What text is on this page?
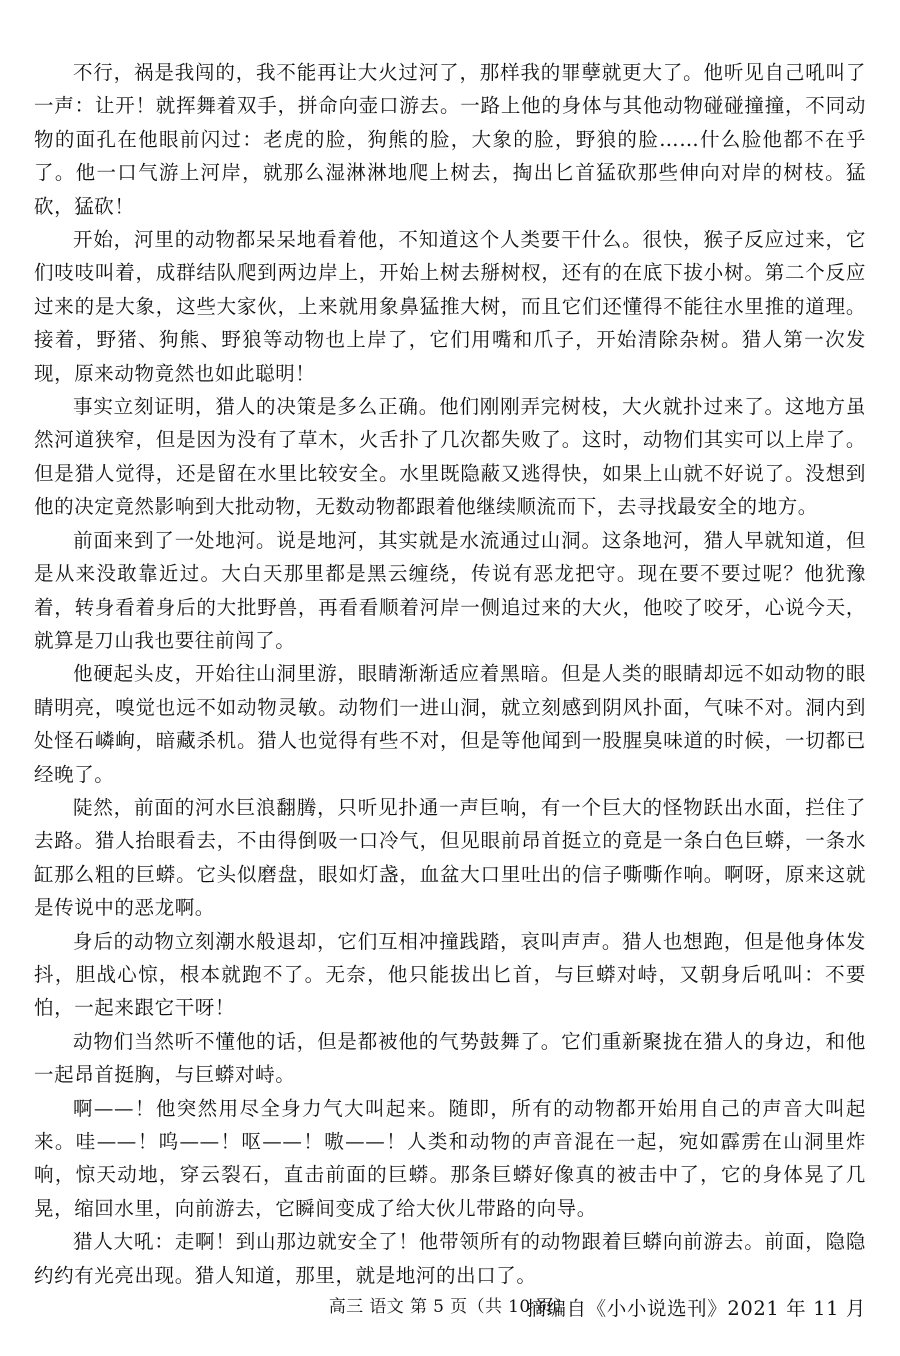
不行，祸是我闯的，我不能再让大火过河了，那样我的罪孽就更大了。他听见自己吼叫了一声：让开！就挥舞着双手，拼命向壶口游去。一路上他的身体与其他动物碰碰撞撞，不同动物的面孔在他眼前闪过：老虎的脸，狗熊的脸，大象的脸，野狼的脸……什么脸他都不在乎了。他一口气游上河岸，就那么湿淋淋地爬上树去，掏出匕首猛砍那些伸向对岸的树枝。猛砍，猛砍！

开始，河里的动物都呆呆地看着他，不知道这个人类要干什么。很快，猴子反应过来，它们吱吱叫着，成群结队爬到两边岸上，开始上树去掰树杈，还有的在底下拔小树。第二个反应过来的是大象，这些大家伙，上来就用象鼻猛推大树，而且它们还懂得不能往水里推的道理。接着，野猪、狗熊、野狼等动物也上岸了，它们用嘴和爪子，开始清除杂树。猎人第一次发现，原来动物竟然也如此聪明！

事实立刻证明，猎人的决策是多么正确。他们刚刚弄完树枝，大火就扑过来了。这地方虽然河道狭窄，但是因为没有了草木，火舌扑了几次都失败了。这时，动物们其实可以上岸了。但是猎人觉得，还是留在水里比较安全。水里既隐蔽又逃得快，如果上山就不好说了。没想到他的决定竟然影响到大批动物，无数动物都跟着他继续顺流而下，去寻找最安全的地方。

前面来到了一处地河。说是地河，其实就是水流通过山洞。这条地河，猎人早就知道，但是从来没敢靠近过。大白天那里都是黑云缠绕，传说有恶龙把守。现在要不要过呢？他犹豫着，转身看着身后的大批野兽，再看看顺着河岸一侧追过来的大火，他咬了咬牙，心说今天，就算是刀山我也要往前闯了。

他硬起头皮，开始往山洞里游，眼睛渐渐适应着黑暗。但是人类的眼睛却远不如动物的眼睛明亮，嗅觉也远不如动物灵敏。动物们一进山洞，就立刻感到阴风扑面，气味不对。洞内到处怪石嶙峋，暗藏杀机。猎人也觉得有些不对，但是等他闻到一股腥臭味道的时候，一切都已经晚了。

陡然，前面的河水巨浪翻腾，只听见扑通一声巨响，有一个巨大的怪物跃出水面，拦住了去路。猎人抬眼看去，不由得倒吸一口冷气，但见眼前昂首挺立的竟是一条白色巨蟒，一条水缸那么粗的巨蟒。它头似磨盘，眼如灯盏，血盆大口里吐出的信子嘶嘶作响。啊呀，原来这就是传说中的恶龙啊。

身后的动物立刻潮水般退却，它们互相冲撞践踏，哀叫声声。猎人也想跑，但是他身体发抖，胆战心惊，根本就跑不了。无奈，他只能拔出匕首，与巨蟒对峙，又朝身后吼叫：不要怕，一起来跟它干呀！

动物们当然听不懂他的话，但是都被他的气势鼓舞了。它们重新聚拢在猎人的身边，和他一起昂首挺胸，与巨蟒对峙。

啊——！他突然用尽全身力气大叫起来。随即，所有的动物都开始用自己的声音大叫起来。哇——！呜——！呕——！嗷——！人类和动物的声音混在一起，宛如霹雳在山洞里炸响，惊天动地，穿云裂石，直击前面的巨蟒。那条巨蟒好像真的被击中了，它的身体晃了几晃，缩回水里，向前游去，它瞬间变成了给大伙儿带路的向导。

猎人大吼：走啊！到山那边就安全了！他带领所有的动物跟着巨蟒向前游去。前面，隐隐约约有光亮出现。猎人知道，那里，就是地河的出口了。

摘编自《小小说选刊》2021 年 11 月

高三 语文 第 5 页（共 10 页）
